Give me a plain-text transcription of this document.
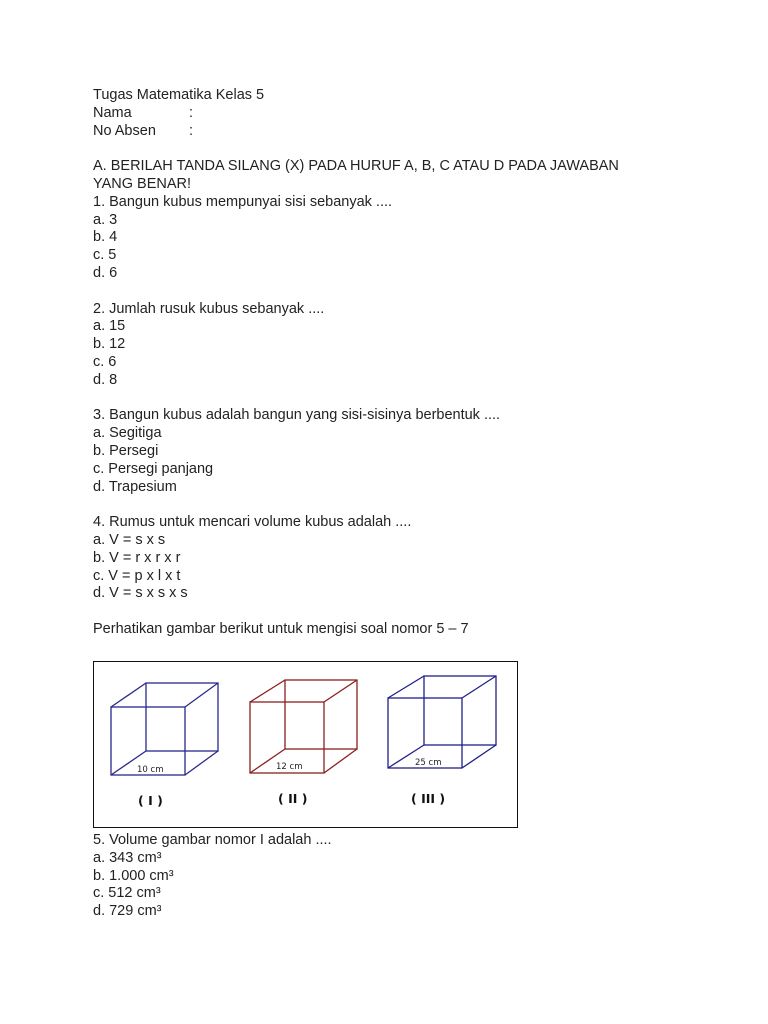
Tugas Matematika Kelas 5
Nama	:
No Absen	:
A. BERILAH TANDA SILANG (X) PADA HURUF A, B, C ATAU D PADA JAWABAN YANG BENAR!
1. Bangun kubus mempunyai sisi sebanyak ....
a. 3
b. 4
c. 5
d. 6
2. Jumlah rusuk kubus sebanyak ....
a. 15
b. 12
c. 6
d. 8
3. Bangun kubus adalah bangun yang sisi-sisinya berbentuk ....
a. Segitiga
b. Persegi
c. Persegi panjang
d. Trapesium
4. Rumus untuk mencari volume kubus adalah ....
a. V = s x s
b. V = r x r x r
c. V = p x l x t
d. V = s x s x s
Perhatikan gambar berikut untuk mengisi soal nomor 5 – 7
10 cm
( I )
12 cm
( II )
25 cm
( III )
5. Volume gambar nomor I adalah ....
a. 343 cm³
b. 1.000 cm³
c. 512 cm³
d. 729 cm³
